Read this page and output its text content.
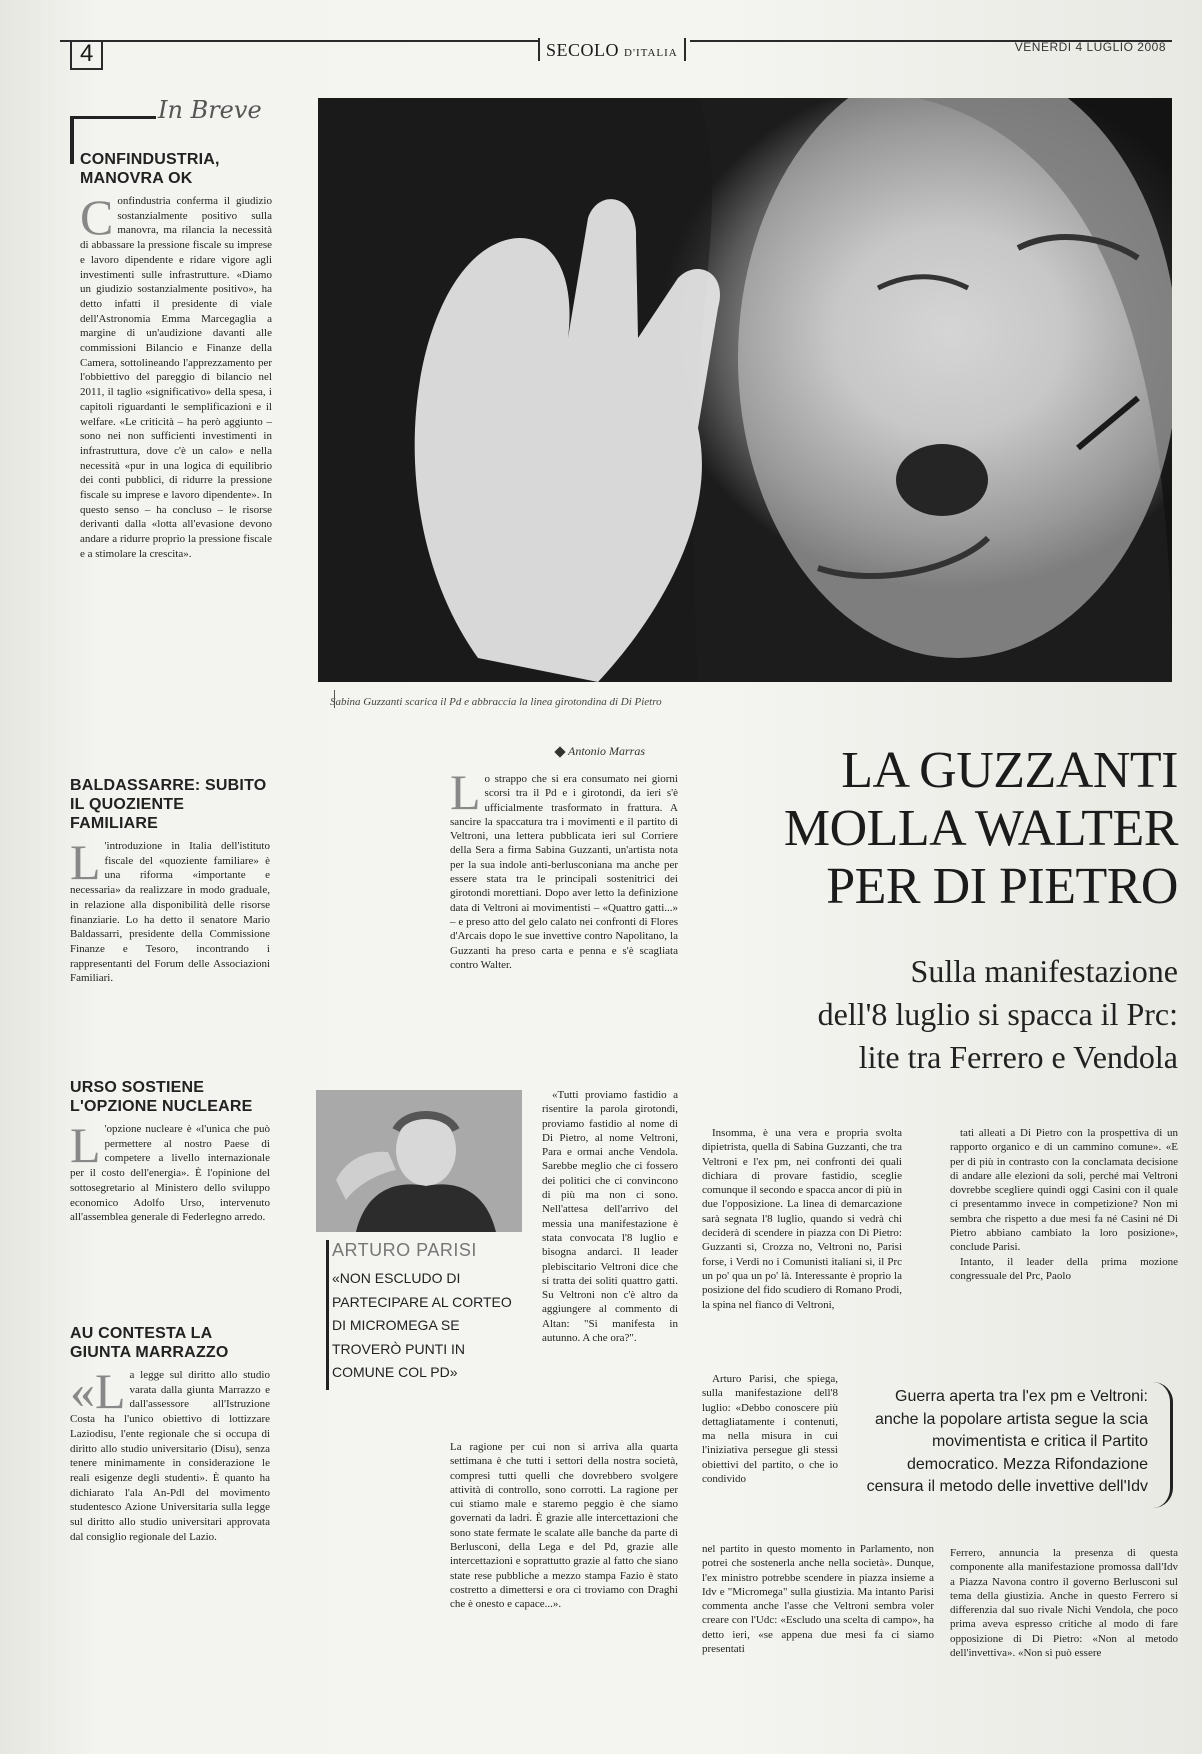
4	SECOLO D'ITALIA	VENERDÌ 4 LUGLIO 2008
In Breve
CONFINDUSTRIA, MANOVRA OK

Confindustria conferma il giudizio sostanzialmente positivo sulla manovra, ma rilancia la necessità di abbassare la pressione fiscale su imprese e lavoro dipendente e ridare vigore agli investimenti sulle infrastrutture. «Diamo un giudizio sostanzialmente positivo», ha detto infatti il presidente di viale dell'Astronomia Emma Marcegaglia a margine di un'audizione davanti alle commissioni Bilancio e Finanze della Camera, sottolineando l'apprezzamento per l'obbiettivo del pareggio di bilancio nel 2011, il taglio «significativo» della spesa, i capitoli riguardanti le semplificazioni e il welfare. «Le criticità – ha però aggiunto – sono nei non sufficienti investimenti in infrastruttura, dove c'è un calo» e nella necessità «pur in una logica di equilibrio dei conti pubblici, di ridurre la pressione fiscale su imprese e lavoro dipendente». In questo senso – ha concluso – le risorse derivanti dalla «lotta all'evasione devono andare a ridurre proprio la pressione fiscale e a stimolare la crescita».

BALDASSARRE: SUBITO IL QUOZIENTE FAMILIARE

L 'introduzione in Italia dell'istituto fiscale del «quoziente familiare» è una riforma «importante e necessaria» da realizzare in modo graduale, in relazione alla disponibilità delle risorse finanziarie. Lo ha detto il senatore Mario Baldassarri, presidente della Commissione Finanze e Tesoro, incontrando i rappresentanti del Forum delle Associazioni Familiari.

URSO SOSTIENE L'OPZIONE NUCLEARE

L 'opzione nucleare è «l'unica che può permettere al nostro Paese di competere a livello internazionale per il costo dell'energia». È l'opinione del sottosegretario al Ministero dello sviluppo economico Adolfo Urso, intervenuto all'assemblea generale di Federlegno arredo.

AU CONTESTA LA GIUNTA MARRAZZO

«La legge sul diritto allo studio varata dalla giunta Marrazzo e dall'assessore all'Istruzione Costa ha l'unico obiettivo di lottizzare Laziodisu, l'ente regionale che si occupa di diritto allo studio universitario (Disu), senza tenere minimamente in considerazione le reali esigenze degli studenti». È quanto ha dichiarato l'ala An-Pdl del movimento studentesco Azione Universitaria sulla legge sul diritto allo studio universitari approvata dal consiglio regionale del Lazio.

Sabina Guzzanti scarica il Pd e abbraccia la linea girotondina di Di Pietro
Antonio Marras	LA GUZZANTI
MOLLA WALTER
PER DI PIETRO
Sulla manifestazione
dell'8 luglio si spacca il Prc:
lite tra Ferrero e Vendola

Lo strappo che si era consumato nei giorni scorsi tra il Pd e i girotondi, da ieri s'è ufficialmente trasformato in frattura. A sancire la spaccatura tra i movimenti e il partito di Veltroni, una lettera pubblicata ieri sul Corriere della Sera a firma Sabina Guzzanti, un'artista nota per la sua indole anti-berlusconiana ma anche per essere stata tra le principali sostenitrici dei girotondi morettiani. Dopo aver letto la definizione data di Veltroni ai movimentisti – «Quattro gatti...» – e preso atto del gelo calato nei confronti di Flores d'Arcais dopo le sue invettive contro Napolitano, la Guzzanti ha preso carta e penna e s'è scagliata contro Walter.

«Tutti proviamo fastidio a risentire la parola girotondi, proviamo fastidio al nome di Di Pietro, al nome Veltroni, Para e ormai anche Vendola. Sarebbe meglio che ci fossero dei politici che ci convincono di più ma non ci sono. Nell'attesa dell'arrivo del messia una manifestazione è stata convocata l'8 luglio e bisogna andarci. Il leader plebiscitario Veltroni dice che si tratta dei soliti quattro gatti. Su Veltroni non c'è altro da aggiungere al commento di Altan: "Si manifesta in autunno. A che ora?".

La ragione per cui non si arriva alla quarta settimana è che tutti i settori della nostra società, compresi tutti quelli che dovrebbero svolgere attività di controllo, sono corrotti. La ragione per cui stiamo male e staremo peggio è che siamo governati da ladri. È grazie alle intercettazioni che sono state fermate le scalate alle banche da parte di Berlusconi, della Lega e del Pd, grazie alle intercettazioni e soprattutto grazie al fatto che siano state rese pubbliche a mezzo stampa Fazio è stato costretto a dimettersi e ora ci troviamo con Draghi che è onesto e capace...».

ARTURO PARISI
«NON ESCLUDO DI PARTECIPARE AL CORTEO DI MICROMEGA SE TROVERÒ PUNTI IN COMUNE COL PD»

Insomma, è una vera e propria svolta dipietrista, quella di Sabina Guzzanti, che tra Veltroni e l'ex pm, nei confronti dei quali dichiara di provare fastidio, sceglie comunque il secondo e spacca ancor di più in due l'opposizione. La linea di demarcazione sarà segnata l'8 luglio, quando si vedrà chi deciderà di scendere in piazza con Di Pietro: Guzzanti sì, Crozza no, Veltroni no, Parisi forse, i Verdi no i Comunisti italiani sì, il Prc un po' qua un po' là. Interessante è proprio la posizione del fido scudiero di Romano Prodi, la spina nel fianco di Veltroni,

Arturo Parisi, che spiega, sulla manifestazione dell'8 luglio: «Debbo conoscere più dettagliatamente i contenuti, ma nella misura in cui l'iniziativa persegue gli stessi obiettivi del partito, o che io condivido

nel partito in questo momento in Parlamento, non potrei che sostenerla anche nella società». Dunque, l'ex ministro potrebbe scendere in piazza insieme a Idv e "Micromega" sulla giustizia. Ma intanto Parisi commenta anche l'asse che Veltroni sembra voler creare con l'Udc: «Escludo una scelta di campo», ha detto ieri, «se appena due mesi fa ci siamo presentati

tati alleati a Di Pietro con la prospettiva di un rapporto organico e di un cammino comune». «E per di più in contrasto con la conclamata decisione di andare alle elezioni da soli, perché mai Veltroni dovrebbe scegliere quindi oggi Casini con il quale ci presentammo invece in competizione? Non mi sembra che rispetto a due mesi fa né Casini né Di Pietro abbiano cambiato la loro posizione», conclude Parisi.

Intanto, il leader della prima mozione congressuale del Prc, Paolo

Guerra aperta tra l'ex pm e Veltroni: anche la popolare artista segue la scia movimentista e critica il Partito democratico. Mezza Rifondazione censura il metodo delle invettive dell'Idv

Ferrero, annuncia la presenza di questa componente alla manifestazione promossa dall'Idv a Piazza Navona contro il governo Berlusconi sul tema della giustizia. Anche in questo Ferrero si differenzia dal suo rivale Nichi Vendola, che poco prima aveva espresso critiche al modo di fare opposizione di Di Pietro: «Non al metodo dell'invettiva». «Non si può essere
